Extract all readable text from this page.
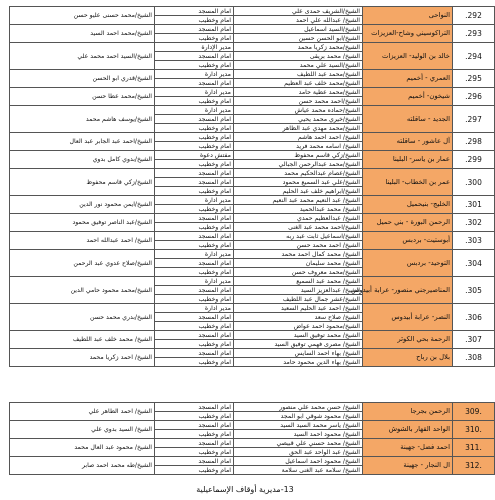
292.	النواحى	الشيخ/الشريف حمدى علي	امام المسجد	الشيخ/محمد حسنى عليو حسن
		الشيخ/ عبدالله علي احمد	امام وخطيب	
293.	التراكوسيني وشاح-العزيزات	الشيخ/السيد اسماعيل	امام المسجد	الشيخ/محمد احمد السيد
		الشيخ/ابو الحسن حسين	امام وخطيب	
294.	خالد بن الوليد- العزيزات	الشيخ/محمد زكريا محمد	مدير الإدارة	الشيخ/السيد احمد محمد علي
		الشيخ/ محمد بريقى	امام المسجد	
		الشيخ/السيد علي محمد	امام وخطيب	
295.	العمري - أخميم	الشيخ/محمد عبد اللطيف	مدير ادارة	الشيخ/قدري ابو الحسن
		الشيخ/محمد خلف عبد العظيم	امام المسجد	
296.	شيخون- أخميم	الشيخ/محمد عطية حامد	مدير ادارة	الشيخ/محمد عطا حسن
		الشيخ/احمد محمد حسن	امام وخطيب	
297.	الجديد - ساقلته	الشيخ/حماده محمد عياش	مدير ادارة	الشيخ/يوسف هاشم محمد
		الشيخ/خيري محمد يحيي	امام المسجد	
		الشيخ/محمد مهدي عبد الظاهر	امام وخطيب	
298.	آل عاشور - ساقلته	الشيخ/ احمد احمد هاشم	امام وخطيب	الشيخ/احمد عبد الجابر عبد العال
		الشيخ/ اسامه محمد فريد	امام وخطيب	
299.	عمار بن ياسر- البلينا	الشيخ/زكي قاسم محفوظ	مفتش دعوة	الشيخ/بدوي كامل بدوي
		الشيخ/محمد عبدالرحمن الجبالي	امام وخطيب	
300.	عمر بن الخطاب- البلينا	الشيخ/عصام عبدالحكيم محمد	امام المسجد	الشيخ/زكي قاسم محفوظ
		الشيخ/علي عبد السميع محمود	امام المسجد	
		الشيخ/ابراهيم خلف عبد الحليم	امام وخطيب	
301.	الخليج- بنيحميل	الشيخ/ عبد النعيم محمد عبد النعيم	مدير ادارة	الشيخ/ايمن محمود نور الدين
		الشيخ/ محمد عبدالحميد	امام وخطيب	
302.	الرحمن البورة - بني حميل	الشيخ/ عبدالعظيم حمدي	امام المسجد	الشيخ/عبد الناصر توفيق محمود
		الشيخ/احمد محمد عبد الغنى	امام وخطيب	
303.	أبوستيت- بردبس	الشيخ/اسماعيل ثابت عبد ربه	امام المسجد	الشيخ/ احمد عبدالله احمد
		الشيخ/ احمد محمد حسن	امام وخطيب	
304.	التوحيد- بردبس	الشيخ/ محمد كمال احمد محمد	مدير ادارة	الشيخ/صلاح عدوي عبد الرحمن
		الشيخ/ محمد سليمان	امام المسجد	
		الشيخ/محمد معروف حسن	امام وخطيب	
305.	المناصيرجني منصور- عرابة أبيدوس	الشيخ/ محمد عبد السميع	مدير ادارة	الشيخ/محمد محمود حامي الدين
		الشيخ/ عبدالعزيز السيد	امام المسجد	
		الشيخ/عشر جمال عبد اللطيف	امام وخطيب	
306.	النصر- عرابة أبيدوس	الشيخ/ احمد عبد الحليم السعيد	مدير ادارة	الشيخ/بدري محمد حسن
		الشيخ/ صلاح سعد	امام المسجد	
		الشيخ/محمود احمد عواض	امام وخطيب	
307.	الرحمة بحي الكوثر	الشيخ/ محمد توفيق السيد	امام المسجد	الشيخ/ محمد خلف عبد اللطيف
		الشيخ/ مصرى فهمي توفيق السيد	امام وخطيب	
308.	بلال بن رباح	الشيخ/ بهاء احمد السايس	امام المسجد	الشيخ/ احمد زكريا محمد
		الشيخ/ بهاء الدين محمود حامد	امام وخطيب	
.309	الرحمن بجرجا	الشيخ/ حسن محمد علي منصور	امام المسجد	الشيخ/ احمد الطاهر علي
		الشيخ/ محمود شوقي ابو المجد	امام وخطيب	
.310	الواحد القهار بالشوش	الشيخ/ ياسر محمد السيد السيد	امام المسجد	الشيخ/ السيد بدوي علي
		الشيخ/ محمود احمد السيد	امام وخطيب	
.311	احمد فضل- جهينة	الشيخ/ محمد حسني علي قبيصي	امام المسجد	الشيخ/ محمود عبد العال محمد
		الشيخ/ عبد الواحد عبد الحق	امام وخطيب	
.312	ال النجار - جهينة	الشيخ/ محمود احمد اسماعيل	امام المسجد	الشيخ/طه محمد احمد صابر
		الشيخ/ سلامة عبد الغنى سلامة	امام وخطيب	
13-مديرية أوقاف الإسماعيلية
